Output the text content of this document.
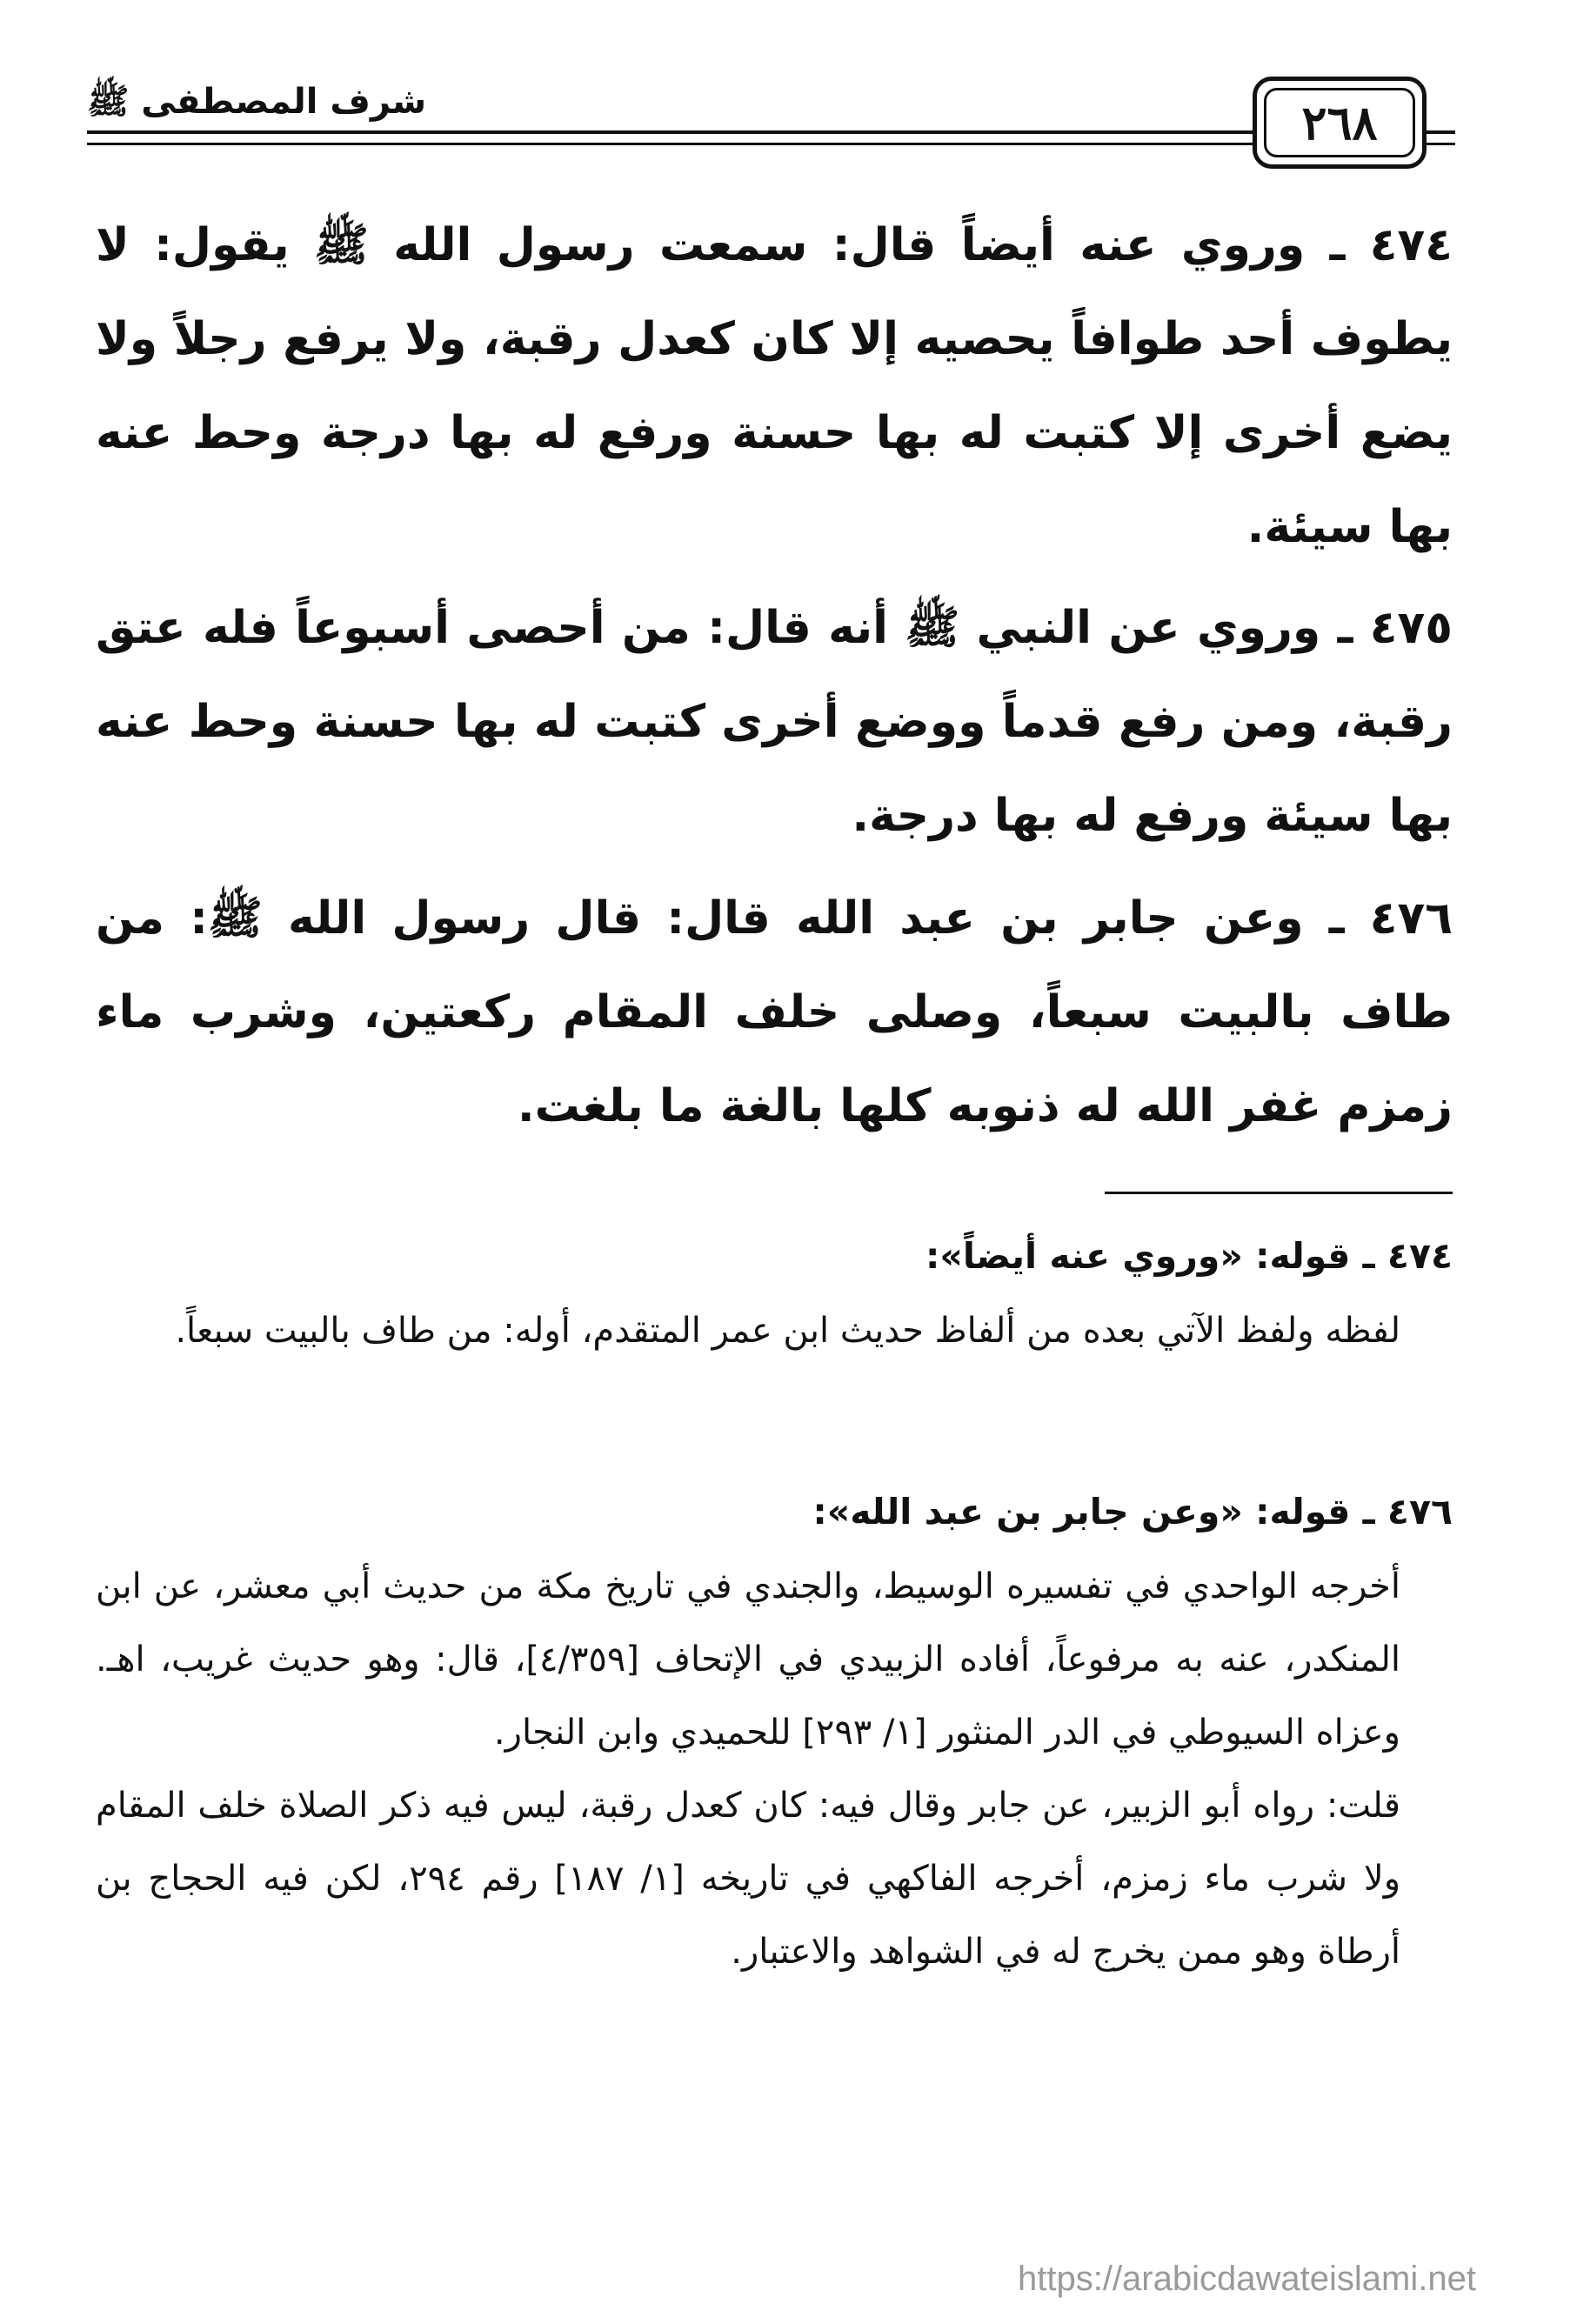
٢٦٨
شرف المصطفى ﷺ

٤٧٤ ـ وروي عنه أيضاً قال: سمعت رسول الله ﷺ يقول: لا يطوف أحد طوافاً يحصيه إلا كان كعدل رقبة، ولا يرفع رجلاً ولا يضع أخرى إلا كتبت له بها حسنة ورفع له بها درجة وحط عنه بها سيئة.

٤٧٥ ـ وروي عن النبي ﷺ أنه قال: من أحصى أسبوعاً فله عتق رقبة، ومن رفع قدماً ووضع أخرى كتبت له بها حسنة وحط عنه بها سيئة ورفع له بها درجة.

٤٧٦ ـ وعن جابر بن عبد الله قال: قال رسول الله ﷺ: من طاف بالبيت سبعاً، وصلى خلف المقام ركعتين، وشرب ماء زمزم غفر الله له ذنوبه كلها بالغة ما بلغت.

٤٧٤ ـ قوله: «وروي عنه أيضاً»:

لفظه ولفظ الآتي بعده من ألفاظ حديث ابن عمر المتقدم، أوله: من طاف بالبيت سبعاً.

٤٧٦ ـ قوله: «وعن جابر بن عبد الله»:

أخرجه الواحدي في تفسيره الوسيط، والجندي في تاريخ مكة من حديث أبي معشر، عن ابن المنكدر، عنه به مرفوعاً، أفاده الزبيدي في الإتحاف [٤/٣٥٩]، قال: وهو حديث غريب، اهـ. وعزاه السيوطي في الدر المنثور [١/ ٢٩٣] للحميدي وابن النجار.

قلت: رواه أبو الزبير، عن جابر وقال فيه: كان كعدل رقبة، ليس فيه ذكر الصلاة خلف المقام ولا شرب ماء زمزم، أخرجه الفاكهي في تاريخه [١/ ١٨٧] رقم ٢٩٤، لكن فيه الحجاج بن أرطاة وهو ممن يخرج له في الشواهد والاعتبار.

https://arabicdawateislami.net
